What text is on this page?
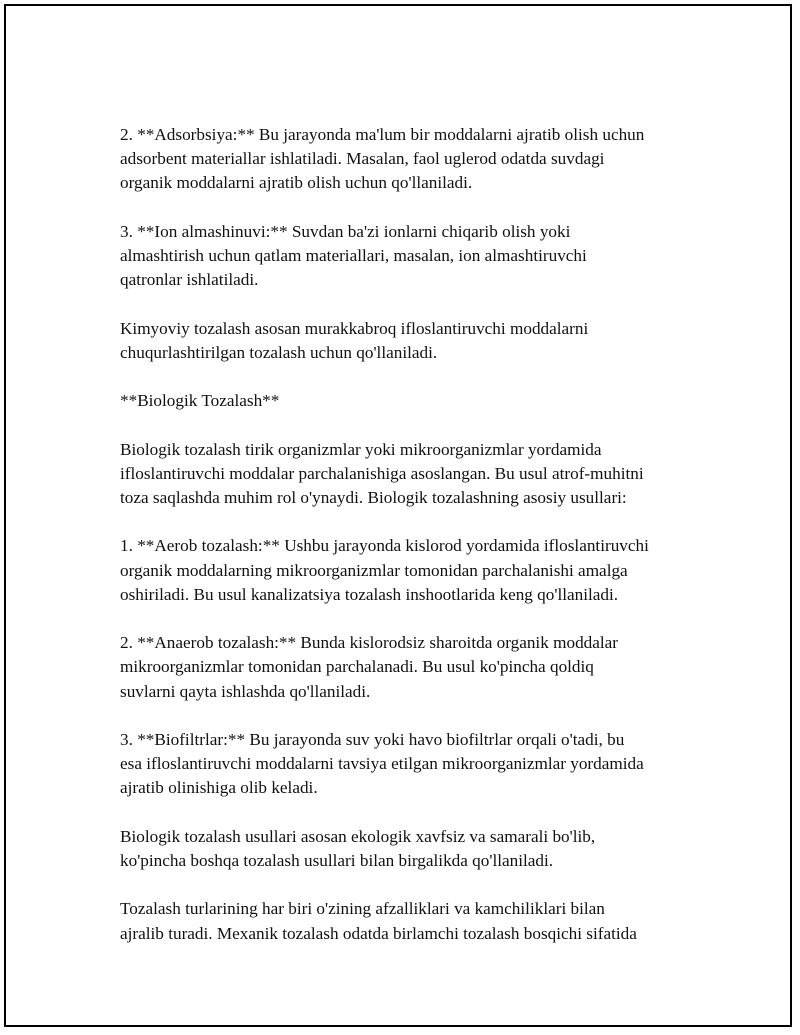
2. **Adsorbsiya:** Bu jarayonda ma'lum bir moddalarni ajratib olish uchun
adsorbent materiallar ishlatiladi. Masalan, faol uglerod odatda suvdagi
organik moddalarni ajratib olish uchun qo'llaniladi.

3. **Ion almashinuvi:** Suvdan ba'zi ionlarni chiqarib olish yoki
almashtirish uchun qatlam materiallari, masalan, ion almashtiruvchi
qatronlar ishlatiladi.

Kimyoviy tozalash asosan murakkabroq ifloslantiruvchi moddalarni
chuqurlashtirilgan tozalash uchun qo'llaniladi.

**Biologik Tozalash**

Biologik tozalash tirik organizmlar yoki mikroorganizmlar yordamida
ifloslantiruvchi moddalar parchalanishiga asoslangan. Bu usul atrof-muhitni
toza saqlashda muhim rol o'ynaydi. Biologik tozalashning asosiy usullari:

1. **Aerob tozalash:** Ushbu jarayonda kislorod yordamida ifloslantiruvchi
organik moddalarning mikroorganizmlar tomonidan parchalanishi amalga
oshiriladi. Bu usul kanalizatsiya tozalash inshootlarida keng qo'llaniladi.

2. **Anaerob tozalash:** Bunda kislorodsiz sharoitda organik moddalar
mikroorganizmlar tomonidan parchalanadi. Bu usul ko'pincha qoldiq
suvlarni qayta ishlashda qo'llaniladi.

3. **Biofiltrlar:** Bu jarayonda suv yoki havo biofiltrlar orqali o'tadi, bu
esa ifloslantiruvchi moddalarni tavsiya etilgan mikroorganizmlar yordamida
ajratib olinishiga olib keladi.

Biologik tozalash usullari asosan ekologik xavfsiz va samarali bo'lib,
ko'pincha boshqa tozalash usullari bilan birgalikda qo'llaniladi.

Tozalash turlarining har biri o'zining afzalliklari va kamchiliklari bilan
ajralib turadi. Mexanik tozalash odatda birlamchi tozalash bosqichi sifatida
